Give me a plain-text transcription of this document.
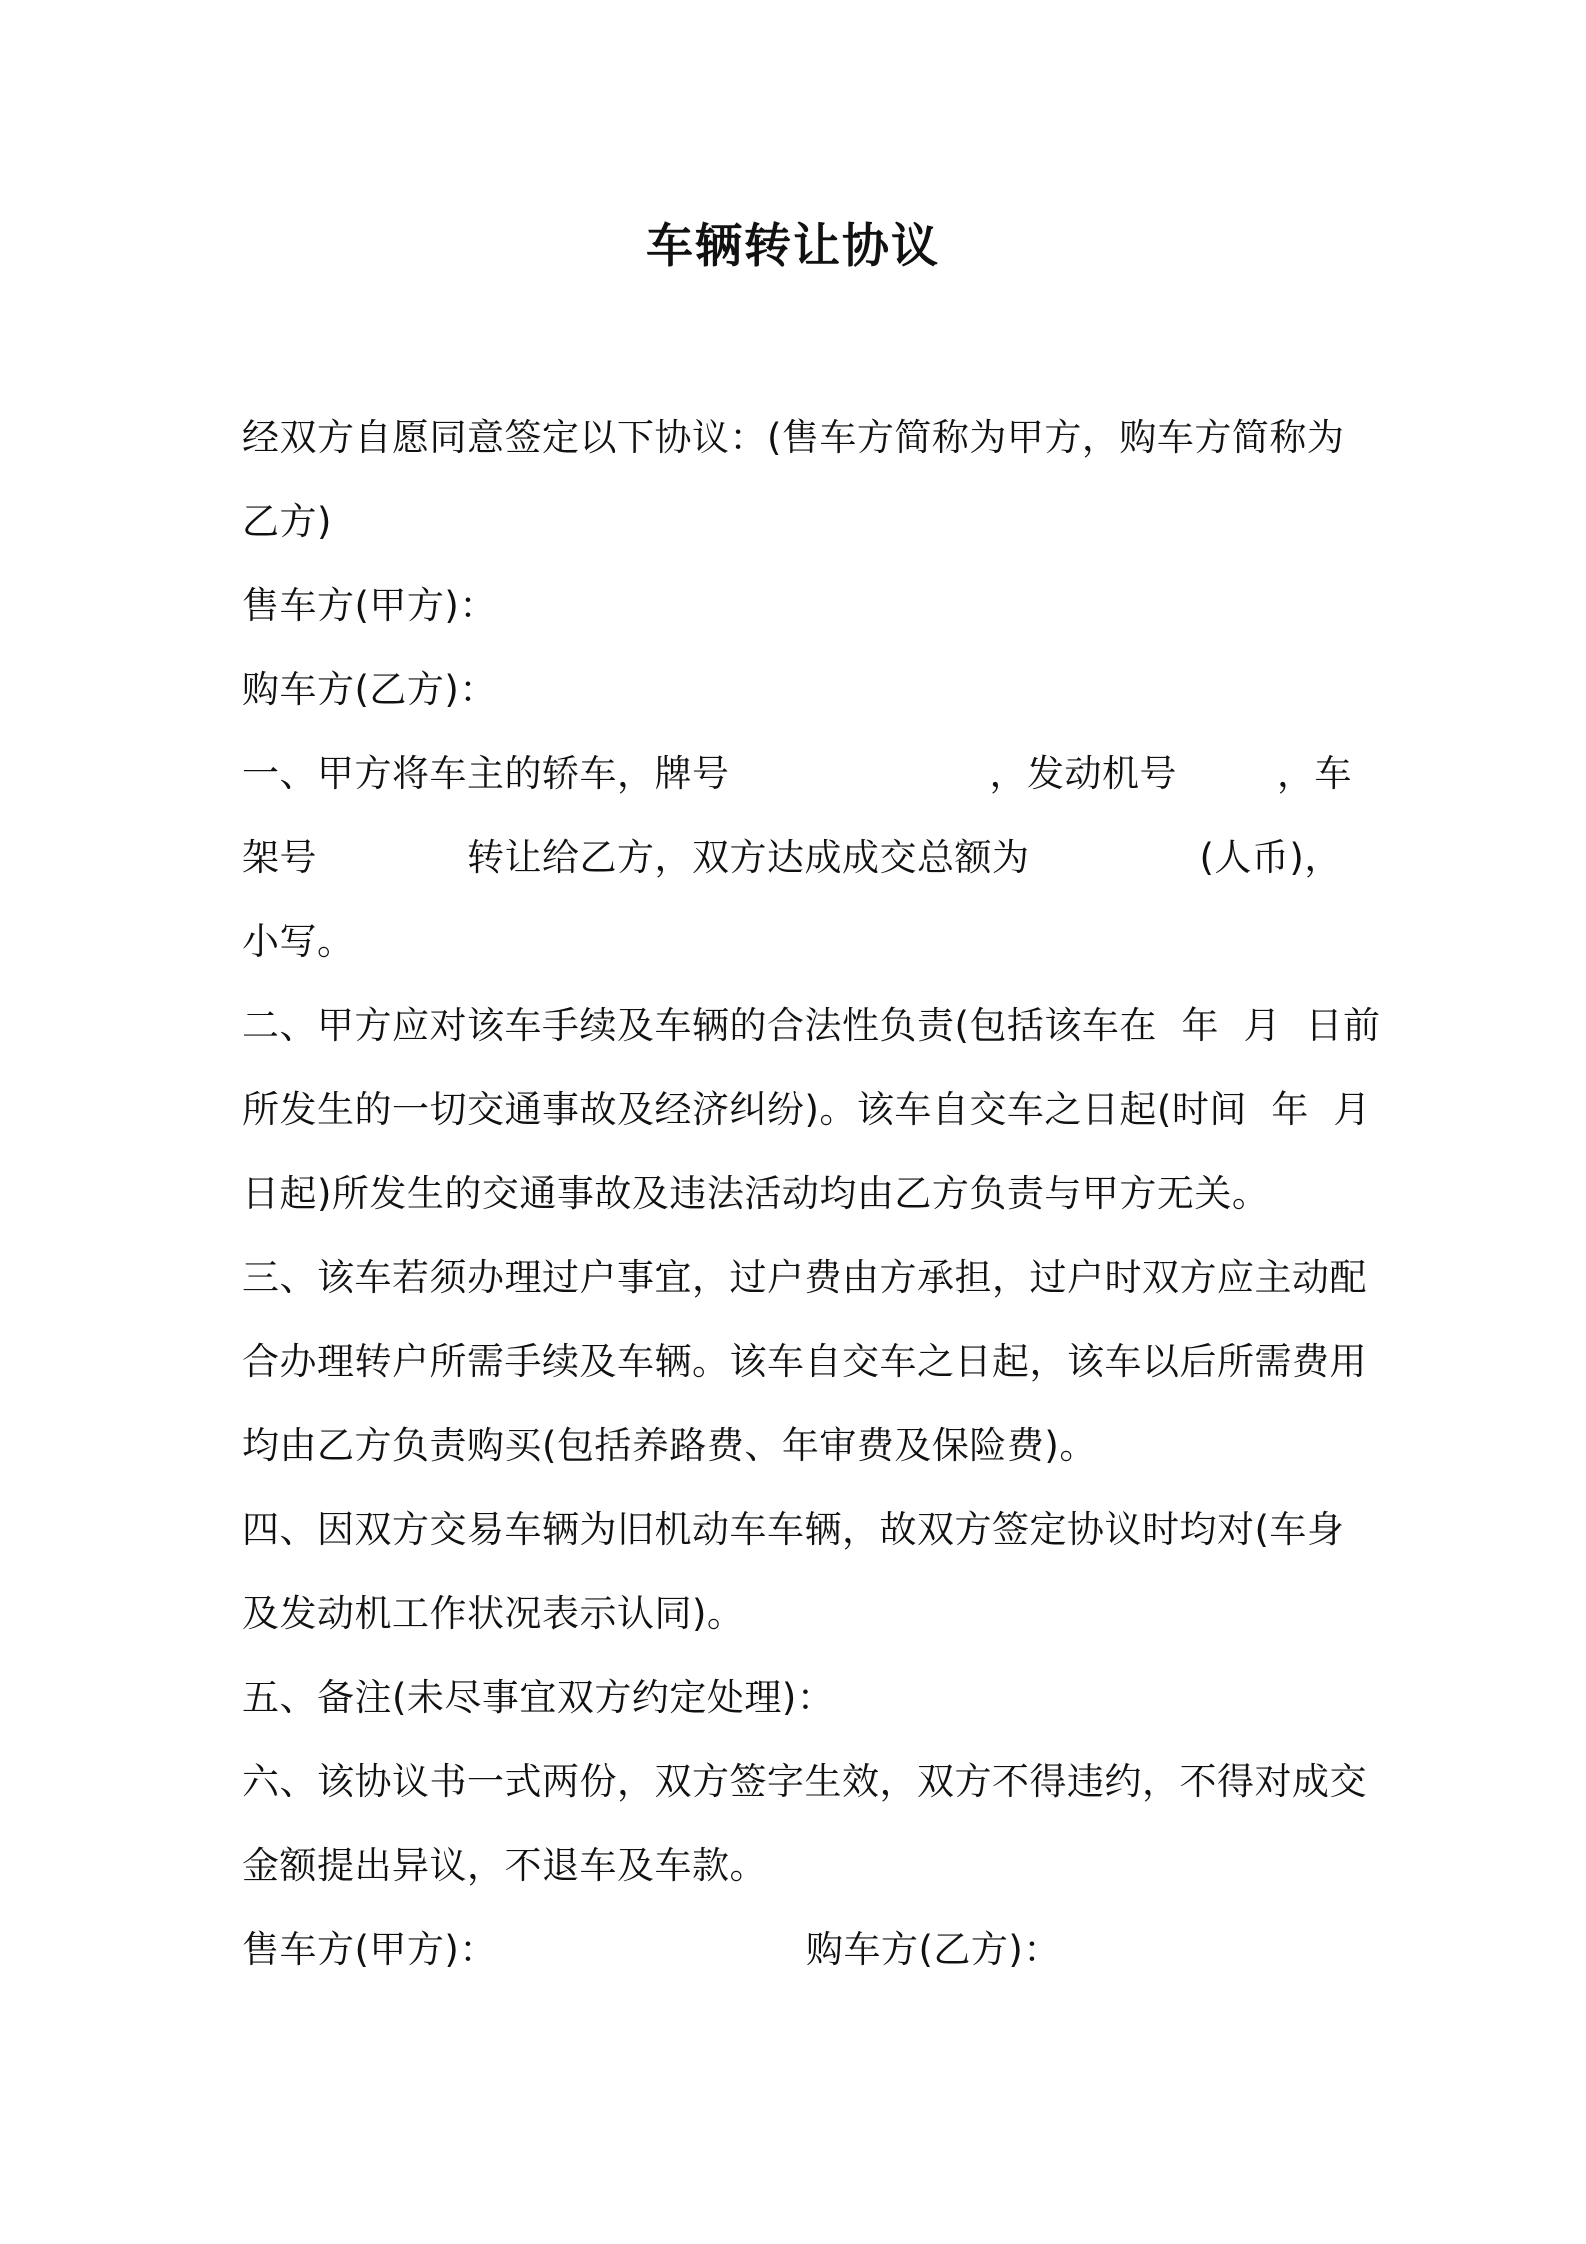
车辆转让协议
经双方自愿同意签定以下协议：(售车方简称为甲方，购车方简称为
乙方)
售车方(甲方)：
购车方(乙方)：
一、甲方将车主的轿车，牌号	，发动机号	，车
架号	转让给乙方，双方达成成交总额为	(人币)，
小写。
二、甲方应对该车手续及车辆的合法性负责(包括该车在  年  月  日前
所发生的一切交通事故及经济纠纷)。该车自交车之日起(时间  年  月
日起)所发生的交通事故及违法活动均由乙方负责与甲方无关。
三、该车若须办理过户事宜，过户费由方承担，过户时双方应主动配
合办理转户所需手续及车辆。该车自交车之日起，该车以后所需费用
均由乙方负责购买(包括养路费、年审费及保险费)。
四、因双方交易车辆为旧机动车车辆，故双方签定协议时均对(车身
及发动机工作状况表示认同)。
五、备注(未尽事宜双方约定处理)：
六、该协议书一式两份，双方签字生效，双方不得违约，不得对成交
金额提出异议，不退车及车款。
售车方(甲方)：	购车方(乙方)：
